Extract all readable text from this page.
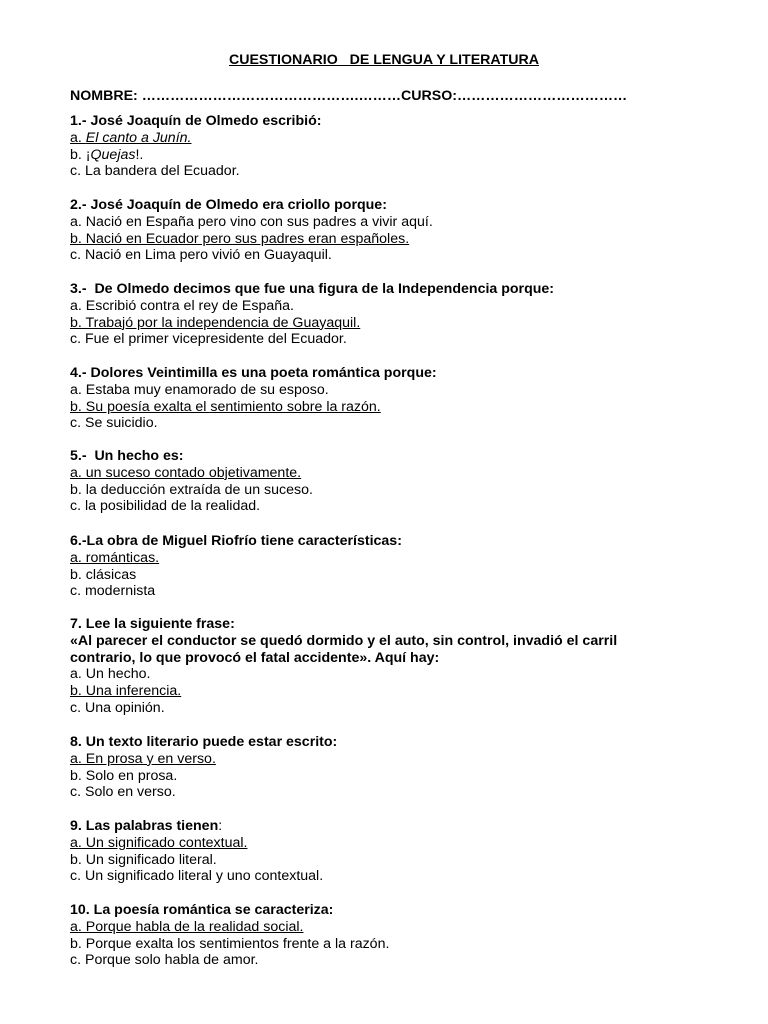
CUESTIONARIO   DE LENGUA Y LITERATURA
NOMBRE: ……………………………………….………CURSO:………………………………
1.- José Joaquín de Olmedo escribió:
a. El canto a Junín.
b. ¡Quejas!.
c. La bandera del Ecuador.
2.- José Joaquín de Olmedo era criollo porque:
a. Nació en España pero vino con sus padres a vivir aquí.
b. Nació en Ecuador pero sus padres eran españoles.
c. Nació en Lima pero vivió en Guayaquil.
3.-  De Olmedo decimos que fue una figura de la Independencia porque:
a. Escribió contra el rey de España.
b. Trabajó por la independencia de Guayaquil.
c. Fue el primer vicepresidente del Ecuador.
4.- Dolores Veintimilla es una poeta romántica porque:
a. Estaba muy enamorado de su esposo.
b. Su poesía exalta el sentimiento sobre la razón.
c. Se suicidio.
5.-  Un hecho es:
a. un suceso contado objetivamente.
b. la deducción extraída de un suceso.
c. la posibilidad de la realidad.
6.-La obra de Miguel Riofrío tiene características:
a. románticas.
b. clásicas
c. modernista
7. Lee la siguiente frase:
«Al parecer el conductor se quedó dormido y el auto, sin control, invadió el carril
contrario, lo que provocó el fatal accidente». Aquí hay:
a. Un hecho.
b. Una inferencia.
c. Una opinión.
8. Un texto literario puede estar escrito:
a. En prosa y en verso.
b. Solo en prosa.
c. Solo en verso.
9. Las palabras tienen:
a. Un significado contextual.
b. Un significado literal.
c. Un significado literal y uno contextual.
10. La poesía romántica se caracteriza:
a. Porque habla de la realidad social.
b. Porque exalta los sentimientos frente a la razón.
c. Porque solo habla de amor.
